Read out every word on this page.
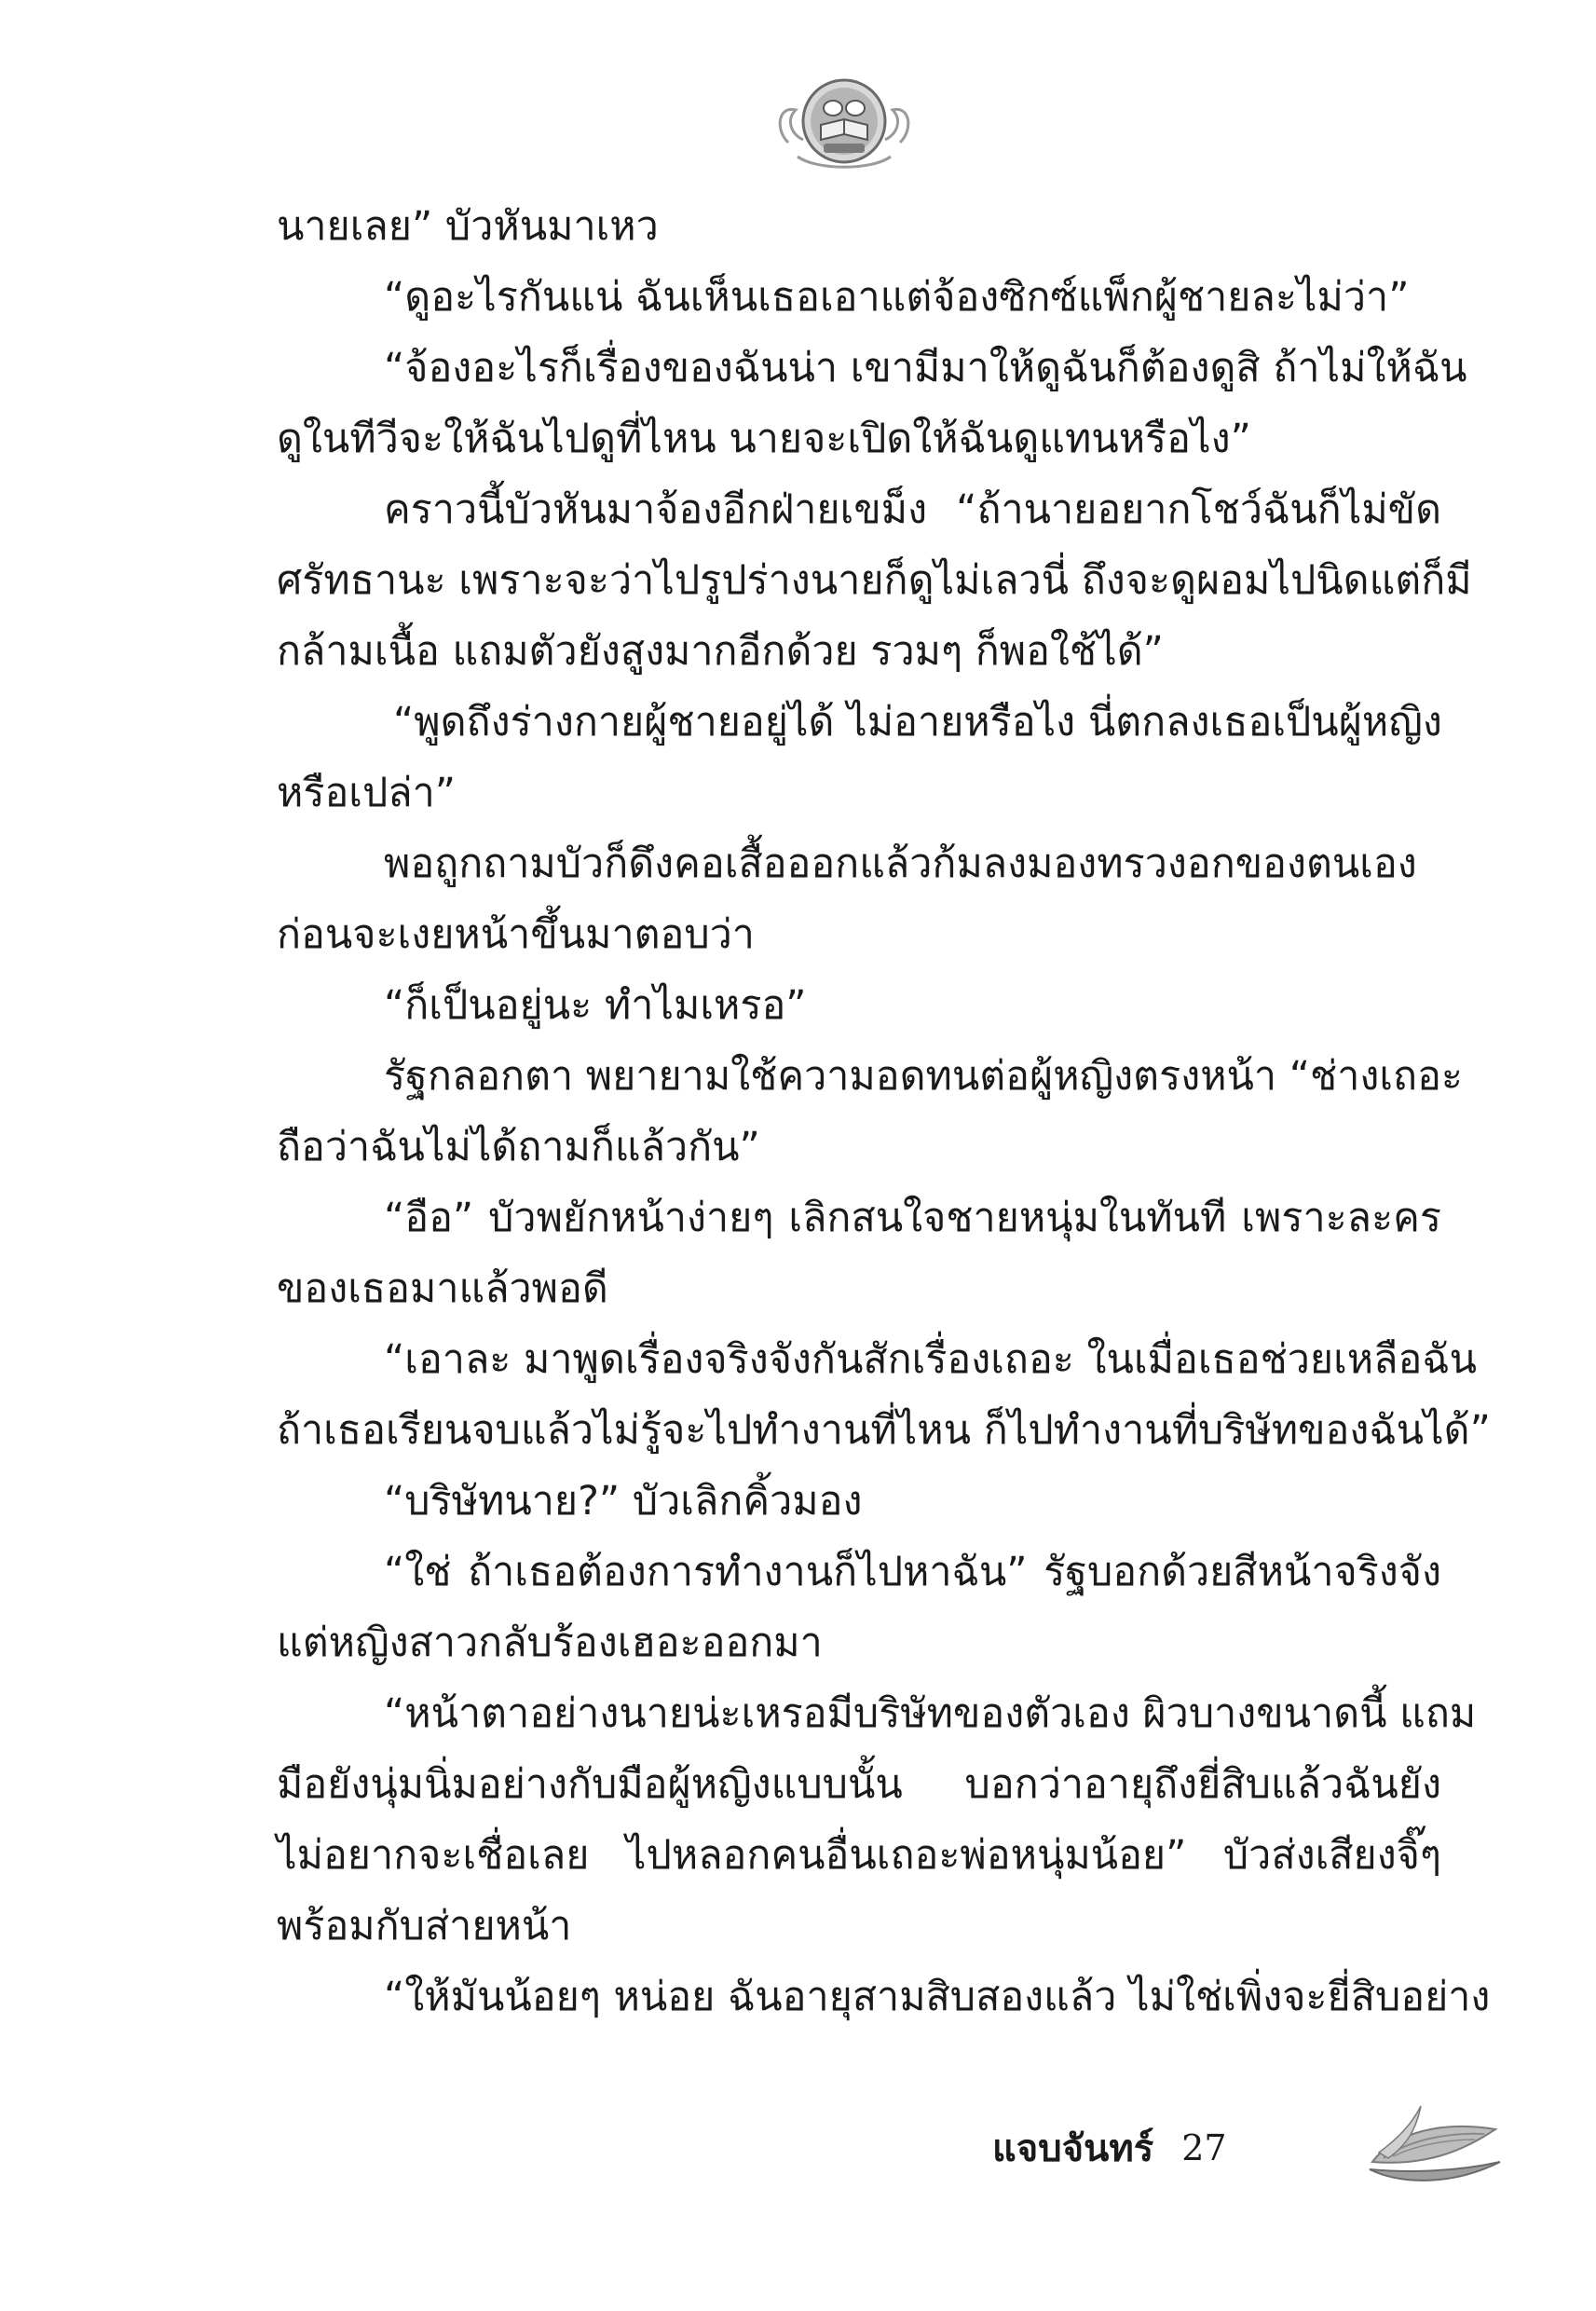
นายเลย” บัวหันมาเหว
“ดูอะไรกันแน่ ฉันเห็นเธอเอาแต่จ้องซิกซ์แพ็กผู้ชายละไม่ว่า”
“จ้องอะไรก็เรื่องของฉันน่า เขามีมาให้ดูฉันก็ต้องดูสิ ถ้าไม่ให้ฉัน
ดูในทีวีจะให้ฉันไปดูที่ไหน นายจะเปิดให้ฉันดูแทนหรือไง”
คราวนี้บัวหันมาจ้องอีกฝ่ายเขม็ง “ถ้านายอยากโชว์ฉันก็ไม่ขัด
ศรัทธานะ เพราะจะว่าไปรูปร่างนายก็ดูไม่เลวนี่ ถึงจะดูผอมไปนิดแต่ก็มี
กล้ามเนื้อ แถมตัวยังสูงมากอีกด้วย รวมๆ ก็พอใช้ได้”
“พูดถึงร่างกายผู้ชายอยู่ได้ ไม่อายหรือไง นี่ตกลงเธอเป็นผู้หญิง
หรือเปล่า”
พอถูกถามบัวก็ดึงคอเสื้อออกแล้วก้มลงมองทรวงอกของตนเอง
ก่อนจะเงยหน้าขึ้นมาตอบว่า
“ก็เป็นอยู่นะ ทำไมเหรอ”
รัฐกลอกตา พยายามใช้ความอดทนต่อผู้หญิงตรงหน้า “ช่างเถอะ
ถือว่าฉันไม่ได้ถามก็แล้วกัน”
“อือ” บัวพยักหน้าง่ายๆ เลิกสนใจชายหนุ่มในทันที เพราะละคร
ของเธอมาแล้วพอดี
“เอาละ มาพูดเรื่องจริงจังกันสักเรื่องเถอะ ในเมื่อเธอช่วยเหลือฉัน
ถ้าเธอเรียนจบแล้วไม่รู้จะไปทำงานที่ไหน ก็ไปทำงานที่บริษัทของฉันได้”
“บริษัทนาย?” บัวเลิกคิ้วมอง
“ใช่ ถ้าเธอต้องการทำงานก็ไปหาฉัน” รัฐบอกด้วยสีหน้าจริงจัง
แต่หญิงสาวกลับร้องเฮอะออกมา
“หน้าตาอย่างนายน่ะเหรอมีบริษัทของตัวเอง ผิวบางขนาดนี้ แถม
มือยังนุ่มนิ่มอย่างกับมือผู้หญิงแบบนั้น บอกว่าอายุถึงยี่สิบแล้วฉันยัง
ไม่อยากจะเชื่อเลย ไปหลอกคนอื่นเถอะพ่อหนุ่มน้อย” บัวส่งเสียงจิ๊ๆ
พร้อมกับส่ายหน้า
“ให้มันน้อยๆ หน่อย ฉันอายุสามสิบสองแล้ว ไม่ใช่เพิ่งจะยี่สิบอย่าง
แจบจันทร์ 27
